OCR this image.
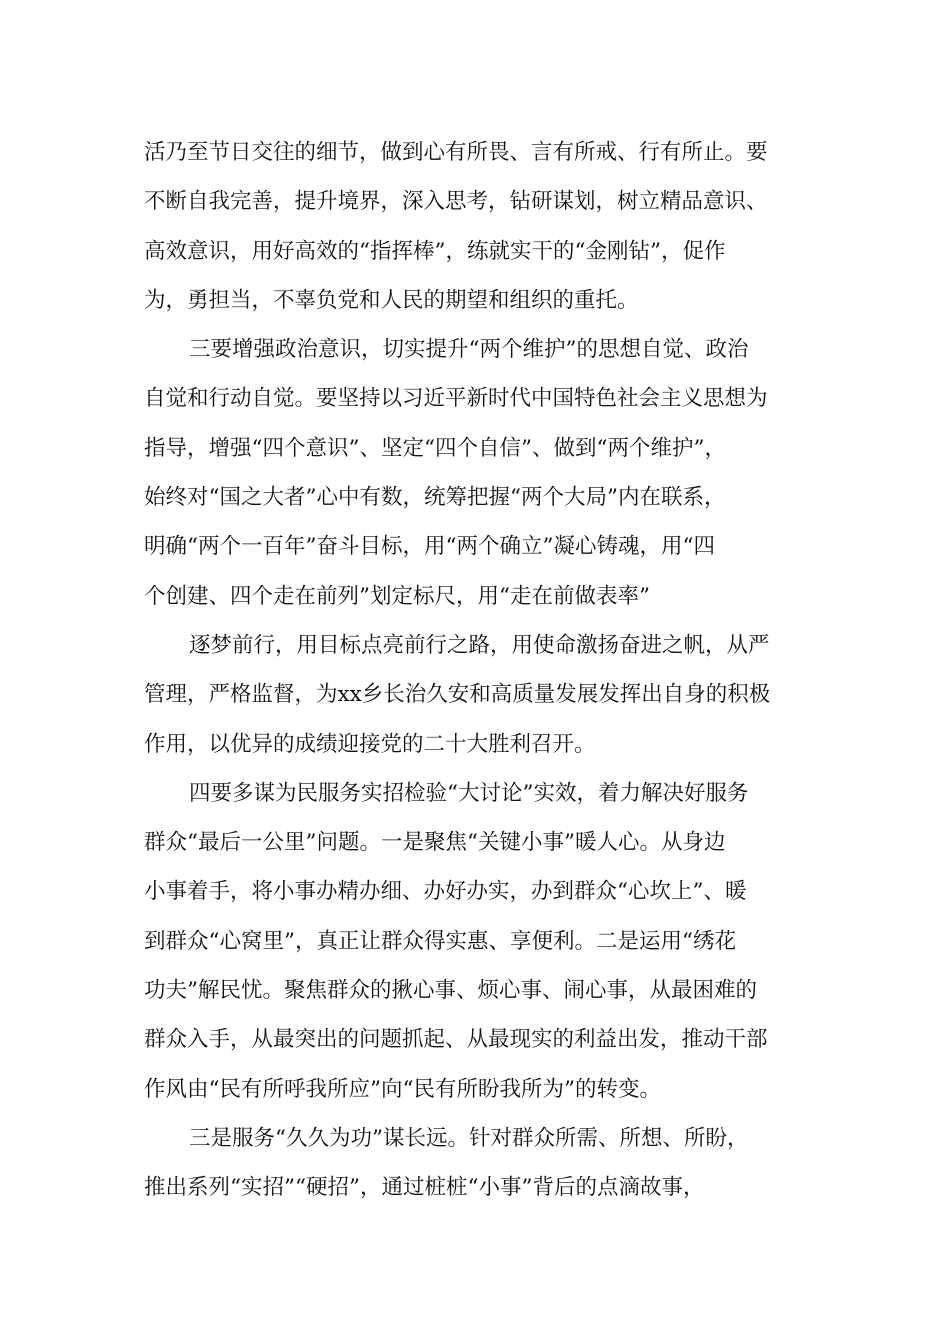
活乃至节日交往的细节，做到心有所畏、言有所戒、行有所止。要
不断自我完善，提升境界，深入思考，钻研谋划，树立精品意识、
高效意识，用好高效的“指挥棒”，练就实干的“金刚钻”，促作
为，勇担当，不辜负党和人民的期望和组织的重托。
三要增强政治意识，切实提升“两个维护”的思想自觉、政治
自觉和行动自觉。要坚持以习近平新时代中国特色社会主义思想为
指导，增强“四个意识”、坚定“四个自信”、做到“两个维护”，
始终对“国之大者”心中有数，统筹把握“两个大局”内在联系，
明确“两个一百年”奋斗目标，用“两个确立”凝心铸魂，用“四
个创建、四个走在前列”划定标尺，用“走在前做表率”
逐梦前行，用目标点亮前行之路，用使命激扬奋进之帆，从严
管理，严格监督，为xx乡长治久安和高质量发展发挥出自身的积极
作用，以优异的成绩迎接党的二十大胜利召开。
四要多谋为民服务实招检验“大讨论”实效，着力解决好服务
群众“最后一公里”问题。一是聚焦“关键小事”暖人心。从身边
小事着手，将小事办精办细、办好办实，办到群众“心坎上”、暖
到群众“心窝里”，真正让群众得实惠、享便利。二是运用“绣花
功夫”解民忧。聚焦群众的揪心事、烦心事、闹心事，从最困难的
群众入手，从最突出的问题抓起、从最现实的利益出发，推动干部
作风由“民有所呼我所应”向“民有所盼我所为”的转变。
三是服务“久久为功”谋长远。针对群众所需、所想、所盼，
推出系列“实招”“硬招”，通过桩桩“小事”背后的点滴故事，
